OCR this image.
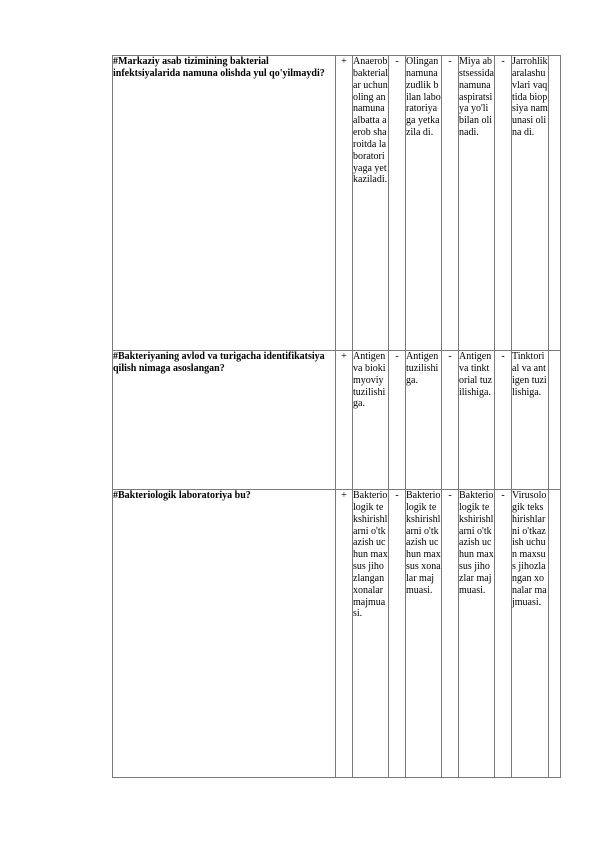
#Markaziy asab tizimining bakterial infektsiyalarida namuna olishda yul qo'yilmaydi?	+	Anaerob bakterialar uchun oling an namuna albatta aerob sharoitda laboratoriyaga yetkaziladi.	-	Olingan namuna zudlik bilan laboratoriyaga yetkazila di.	-	Miya abstsessida namuna aspiratsiya yo'li bilan olinadi.	-	Jarrohlik aralashuvlari vaqtida biopsiya namunasi olina di.	
#Bakteriyaning avlod va turigacha identifikatsiya qilish nimaga asoslangan?	+	Antigen va biokimyoviy tuzilishiga.	-	Antigen tuzilishiga.	-	Antigen va tinktorial tuzilishiga.	-	Tinktorial va antigen tuzilishiga.	
#Bakteriologik laboratoriya bu?	+	Bakteriologik tekshirishlarni o'tkazish uchun maxsus jihozlangan xonalar majmuasi.	-	Bakteriologik tekshirishlarni o'tkazish uchun maxsus xonalar majmuasi.	-	Bakteriologik tekshirishlarni o'tkazish uchun maxsus jihozlar majmuasi.	-	Virusologik tekshirishlarni o'tkazish uchun maxsus jihozlangan xonalar majmuasi.	
